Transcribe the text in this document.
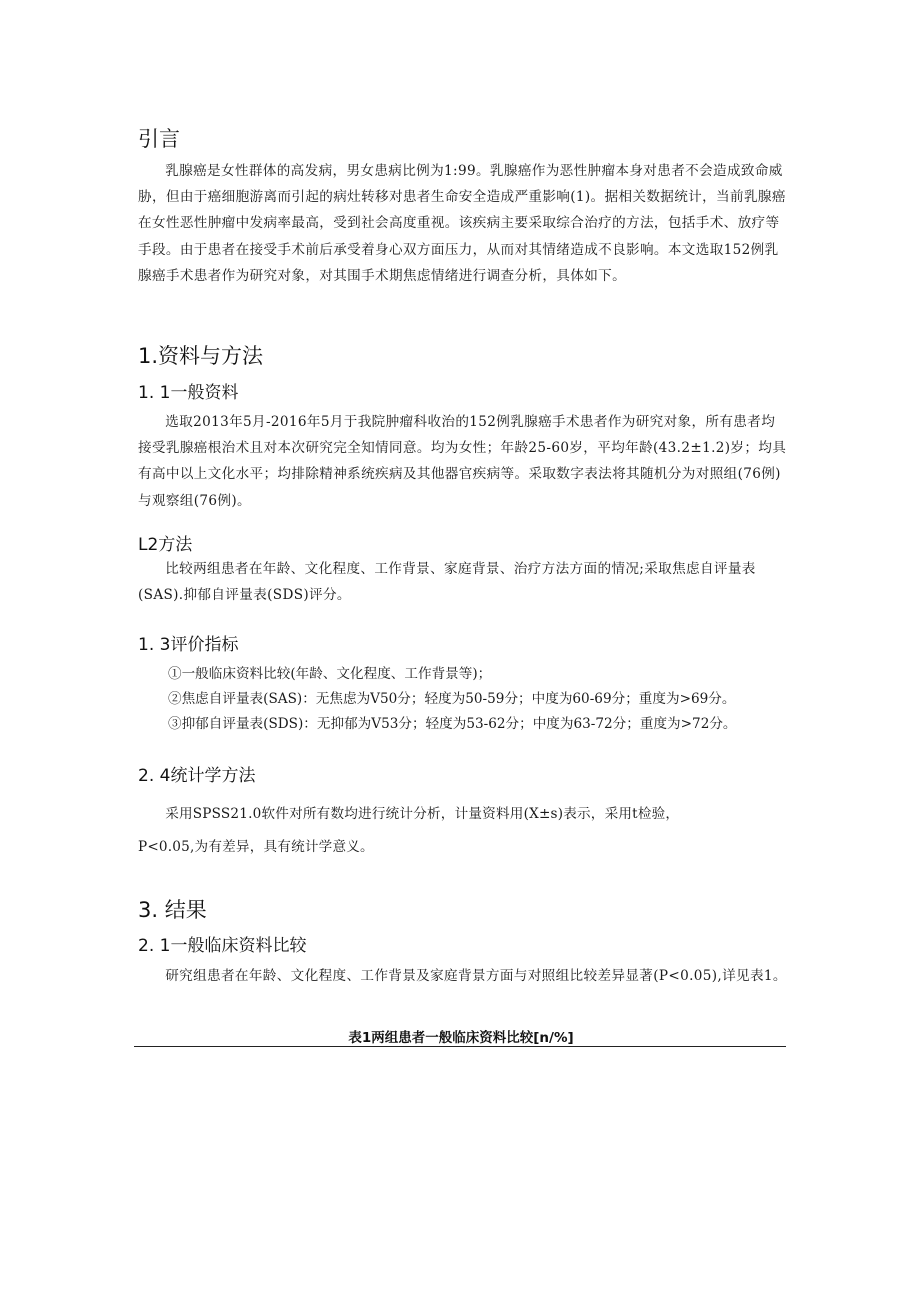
引言

乳腺癌是女性群体的高发病，男女患病比例为1:99。乳腺癌作为恶性肿瘤本身对患者不会造成致命威胁，但由于癌细胞游离而引起的病灶转移对患者生命安全造成严重影响(1)。据相关数据统计，当前乳腺癌在女性恶性肿瘤中发病率最高，受到社会高度重视。该疾病主要采取综合治疗的方法，包括手术、放疗等手段。由于患者在接受手术前后承受着身心双方面压力，从而对其情绪造成不良影响。本文选取152例乳腺癌手术患者作为研究对象，对其围手术期焦虑情绪进行调查分析，具体如下。

1.资料与方法
1. 1一般资料

选取2013年5月-2016年5月于我院肿瘤科收治的152例乳腺癌手术患者作为研究对象，所有患者均接受乳腺癌根治术且对本次研究完全知情同意。均为女性；年龄25-60岁，平均年龄(43.2±1.2)岁；均具有高中以上文化水平；均排除精神系统疾病及其他器官疾病等。采取数字表法将其随机分为对照组(76例)与观察组(76例)。

L2方法

比较两组患者在年龄、文化程度、工作背景、家庭背景、治疗方法方面的情况;采取焦虑自评量表(SAS).抑郁自评量表(SDS)评分。

1. 3评价指标
①一般临床资料比较(年龄、文化程度、工作背景等)；
②焦虑自评量表(SAS)：无焦虑为V50分；轻度为50-59分；中度为60-69分；重度为>69分。
③抑郁自评量表(SDS)：无抑郁为V53分；轻度为53-62分；中度为63-72分；重度为>72分。
2. 4统计学方法

采用SPSS21.0软件对所有数均进行统计分析，计量资料用(X±s)表示，采用t检验，

P<0.05,为有差异，具有统计学意义。

3. 结果
2. 1一般临床资料比较

研究组患者在年龄、文化程度、工作背景及家庭背景方面与对照组比较差异显著(P<0.05),详见表1。

表1两组患者一般临床资料比较[n/%]
